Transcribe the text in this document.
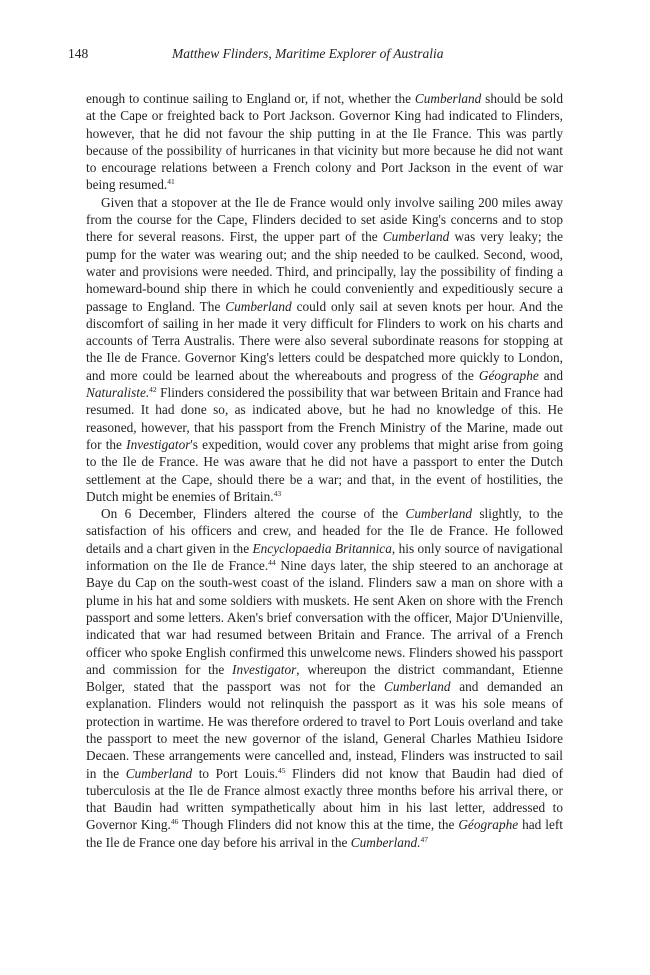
148	Matthew Flinders, Maritime Explorer of Australia

enough to continue sailing to England or, if not, whether the Cumberland should be sold at the Cape or freighted back to Port Jackson. Governor King had indicated to Flinders, however, that he did not favour the ship putting in at the Ile France. This was partly because of the possibility of hurricanes in that vicinity but more because he did not want to encourage relations between a French colony and Port Jackson in the event of war being resumed.$^{41}$

Given that a stopover at the Ile de France would only involve sailing 200 miles away from the course for the Cape, Flinders decided to set aside King's concerns and to stop there for several reasons. First, the upper part of the Cumberland was very leaky; the pump for the water was wearing out; and the ship needed to be caulked. Second, wood, water and provisions were needed. Third, and principally, lay the possibility of finding a homeward-bound ship there in which he could conveniently and expeditiously secure a passage to England. The Cumberland could only sail at seven knots per hour. And the discomfort of sailing in her made it very difficult for Flinders to work on his charts and accounts of Terra Australis. There were also several subordinate reasons for stopping at the Ile de France. Governor King's letters could be despatched more quickly to London, and more could be learned about the whereabouts and progress of the Géographe and Naturaliste.$^{42}$ Flinders considered the possibility that war between Britain and France had resumed. It had done so, as indicated above, but he had no knowledge of this. He reasoned, however, that his passport from the French Ministry of the Marine, made out for the Investigator's expedition, would cover any problems that might arise from going to the Ile de France. He was aware that he did not have a passport to enter the Dutch settlement at the Cape, should there be a war; and that, in the event of hostilities, the Dutch might be enemies of Britain.$^{43}$

On 6 December, Flinders altered the course of the Cumberland slightly, to the satisfaction of his officers and crew, and headed for the Ile de France. He followed details and a chart given in the Encyclopaedia Britannica, his only source of navigational information on the Ile de France.$^{44}$ Nine days later, the ship steered to an anchorage at Baye du Cap on the south-west coast of the island. Flinders saw a man on shore with a plume in his hat and some soldiers with muskets. He sent Aken on shore with the French passport and some letters. Aken's brief conversation with the officer, Major D'Unienville, indicated that war had resumed between Britain and France. The arrival of a French officer who spoke English confirmed this unwelcome news. Flinders showed his passport and commission for the Investigator, whereupon the district commandant, Etienne Bolger, stated that the passport was not for the Cumberland and demanded an explanation. Flinders would not relinquish the passport as it was his sole means of protection in wartime. He was therefore ordered to travel to Port Louis overland and take the passport to meet the new governor of the island, General Charles Mathieu Isidore Decaen. These arrangements were cancelled and, instead, Flinders was instructed to sail in the Cumberland to Port Louis.$^{45}$ Flinders did not know that Baudin had died of tuberculosis at the Ile de France almost exactly three months before his arrival there, or that Baudin had written sympathetically about him in his last letter, addressed to Governor King.$^{46}$ Though Flinders did not know this at the time, the Géographe had left the Ile de France one day before his arrival in the Cumberland.$^{47}$
